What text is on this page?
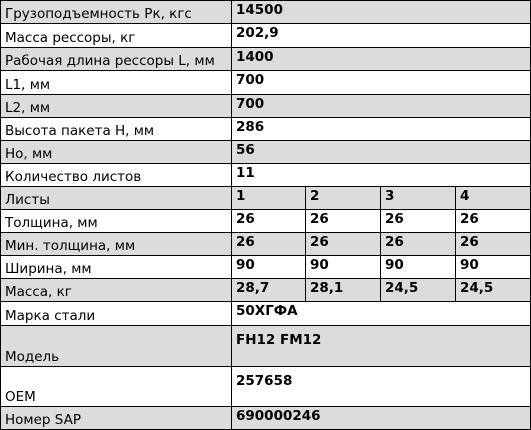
Грузоподъемность Рк, кгс	14500			
Масса рессоры, кг	202,9			
Рабочая длина рессоры L, мм	1400			
L1, мм	700			
L2, мм	700			
Высота пакета Н, мм	286			
Но, мм	56			
Количество листов	11			
Листы	1	2	3	4
Толщина, мм	26	26	26	26
Мин. толщина, мм	26	26	26	26
Ширина, мм	90	90	90	90
Масса, кг	28,7	28,1	24,5	24,5
Марка стали	50ХГФА			
Модель	FH12 FM12			
OEM	257658			
Номер SAP	690000246			
